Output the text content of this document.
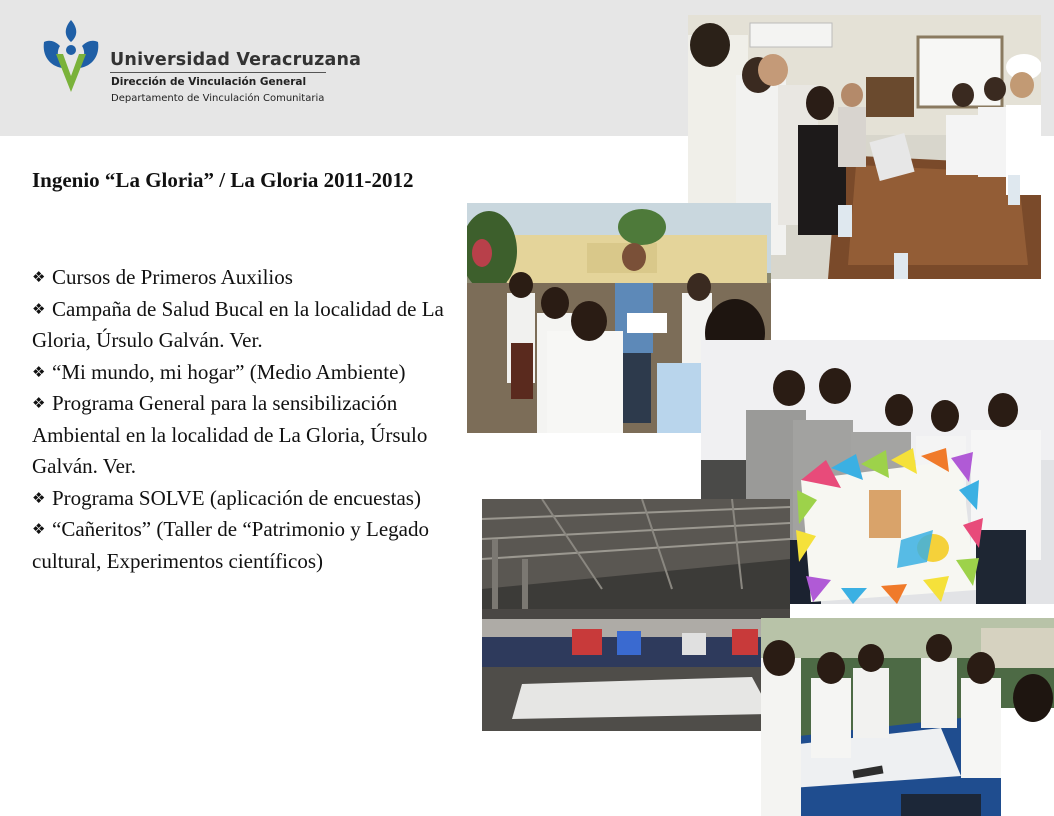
Universidad Veracruzana
Dirección de Vinculación General
Departamento de Vinculación Comunitaria
Ingenio “La Gloria” / La Gloria 2011-2012
❖ Cursos de Primeros Auxilios
❖ Campaña de Salud Bucal en la localidad de La Gloria, Úrsulo Galván. Ver.
❖ “Mi mundo, mi hogar” (Medio Ambiente)
❖ Programa General para la sensibilización Ambiental en la localidad de La Gloria, Úrsulo Galván. Ver.
❖ Programa SOLVE (aplicación de encuestas)
❖ “Cañeritos” (Taller de “Patrimonio y Legado cultural, Experimentos científicos)
